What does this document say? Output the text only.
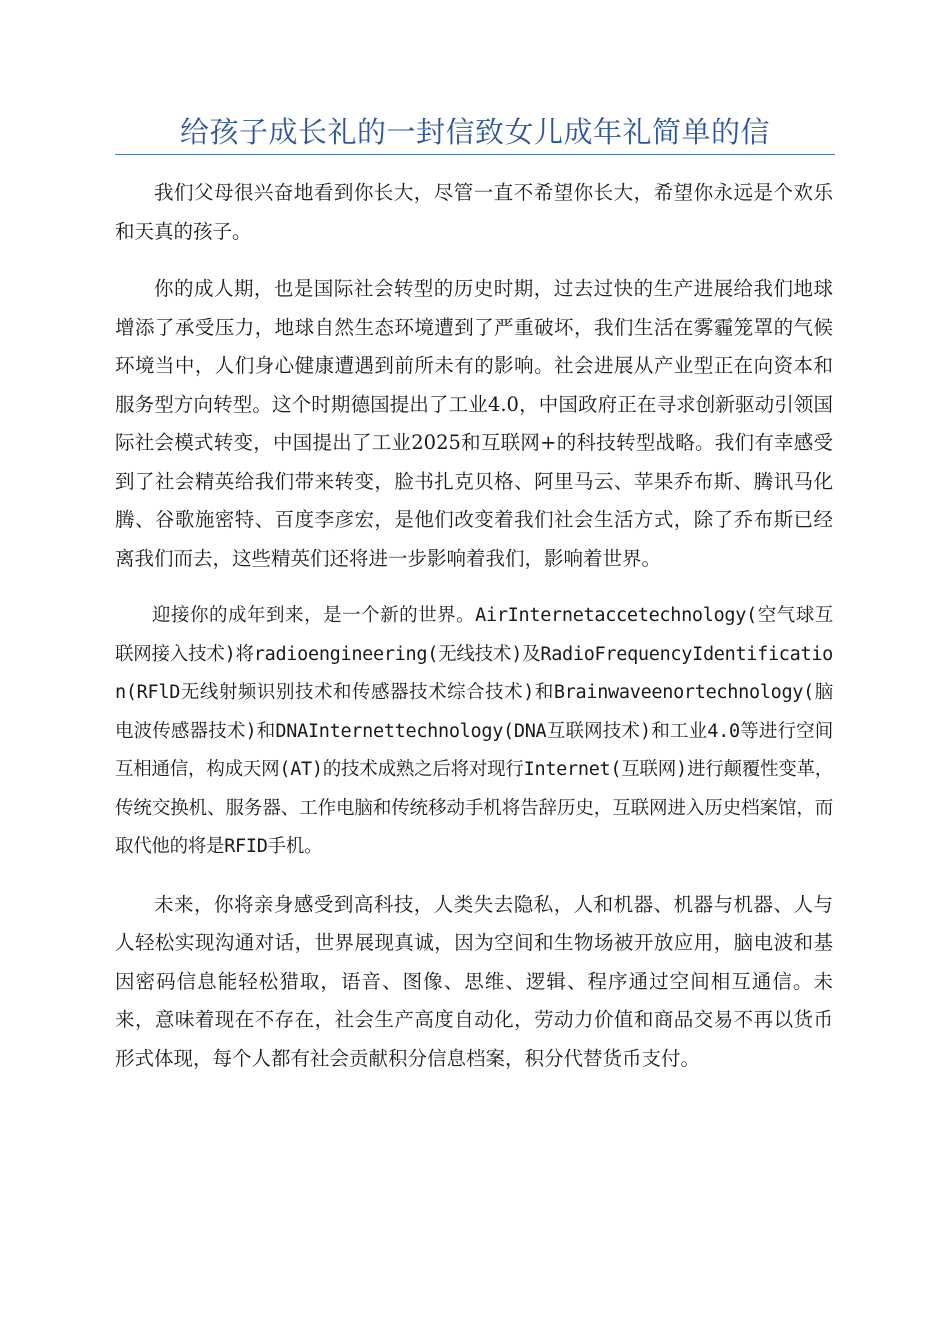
给孩子成长礼的一封信致女儿成年礼简单的信

我们父母很兴奋地看到你长大，尽管一直不希望你长大，希望你永远是个欢乐和天真的孩子。

你的成人期，也是国际社会转型的历史时期，过去过快的生产进展给我们地球增添了承受压力，地球自然生态环境遭到了严重破坏，我们生活在雾霾笼罩的气候环境当中，人们身心健康遭遇到前所未有的影响。社会进展从产业型正在向资本和服务型方向转型。这个时期德国提出了工业4.0，中国政府正在寻求创新驱动引领国际社会模式转变，中国提出了工业2025和互联网+的科技转型战略。我们有幸感受到了社会精英给我们带来转变，脸书扎克贝格、阿里马云、苹果乔布斯、腾讯马化腾、谷歌施密特、百度李彦宏，是他们改变着我们社会生活方式，除了乔布斯已经离我们而去，这些精英们还将进一步影响着我们，影响着世界。

迎接你的成年到来，是一个新的世界。AirInternetaccetechnology(空气球互联网接入技术)将radioengineering(无线技术)及RadioFrequencyIdentification(RFlD无线射频识别技术和传感器技术综合技术)和Brainwaveenortechnology(脑电波传感器技术)和DNAInternettechnology(DNA互联网技术)和工业4.0等进行空间互相通信，构成天网(AT)的技术成熟之后将对现行Internet(互联网)进行颠覆性变革，传统交换机、服务器、工作电脑和传统移动手机将告辞历史，互联网进入历史档案馆，而取代他的将是RFID手机。

未来，你将亲身感受到高科技，人类失去隐私，人和机器、机器与机器、人与人轻松实现沟通对话，世界展现真诚，因为空间和生物场被开放应用，脑电波和基因密码信息能轻松猎取，语音、图像、思维、逻辑、程序通过空间相互通信。未来，意味着现在不存在，社会生产高度自动化，劳动力价值和商品交易不再以货币形式体现，每个人都有社会贡献积分信息档案，积分代替货币支付。
